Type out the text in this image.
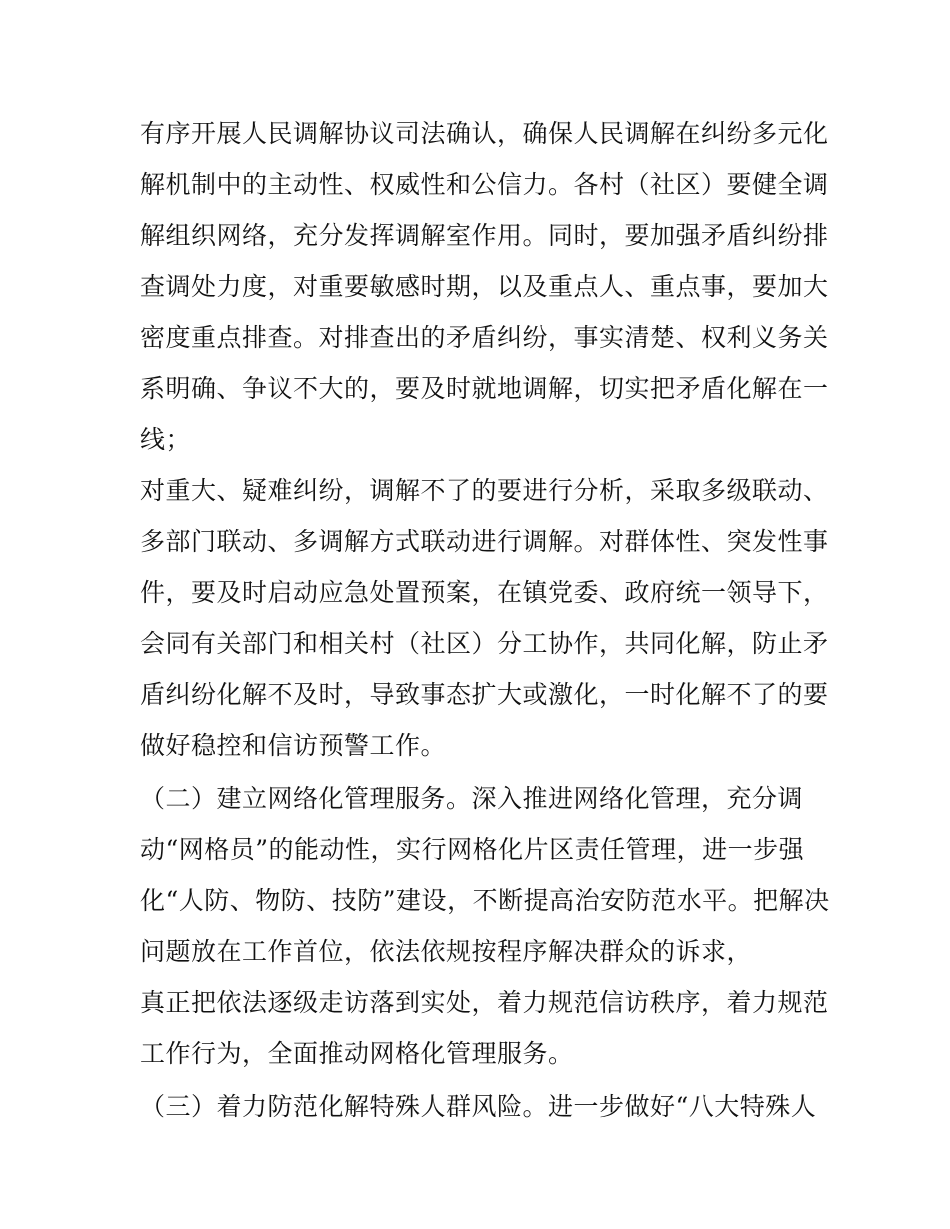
有序开展人民调解协议司法确认，确保人民调解在纠纷多元化
解机制中的主动性、权威性和公信力。各村（社区）要健全调
解组织网络，充分发挥调解室作用。同时，要加强矛盾纠纷排
查调处力度，对重要敏感时期，以及重点人、重点事，要加大
密度重点排查。对排查出的矛盾纠纷，事实清楚、权利义务关
系明确、争议不大的，要及时就地调解，切实把矛盾化解在一
线；
对重大、疑难纠纷，调解不了的要进行分析，采取多级联动、
多部门联动、多调解方式联动进行调解。对群体性、突发性事
件，要及时启动应急处置预案，在镇党委、政府统一领导下，
会同有关部门和相关村（社区）分工协作，共同化解，防止矛
盾纠纷化解不及时，导致事态扩大或激化，一时化解不了的要
做好稳控和信访预警工作。
（二）建立网络化管理服务。深入推进网络化管理，充分调
动“网格员”的能动性，实行网格化片区责任管理，进一步强
化“人防、物防、技防”建设，不断提高治安防范水平。把解决
问题放在工作首位，依法依规按程序解决群众的诉求，
真正把依法逐级走访落到实处，着力规范信访秩序，着力规范
工作行为，全面推动网格化管理服务。
（三）着力防范化解特殊人群风险。进一步做好“八大特殊人
